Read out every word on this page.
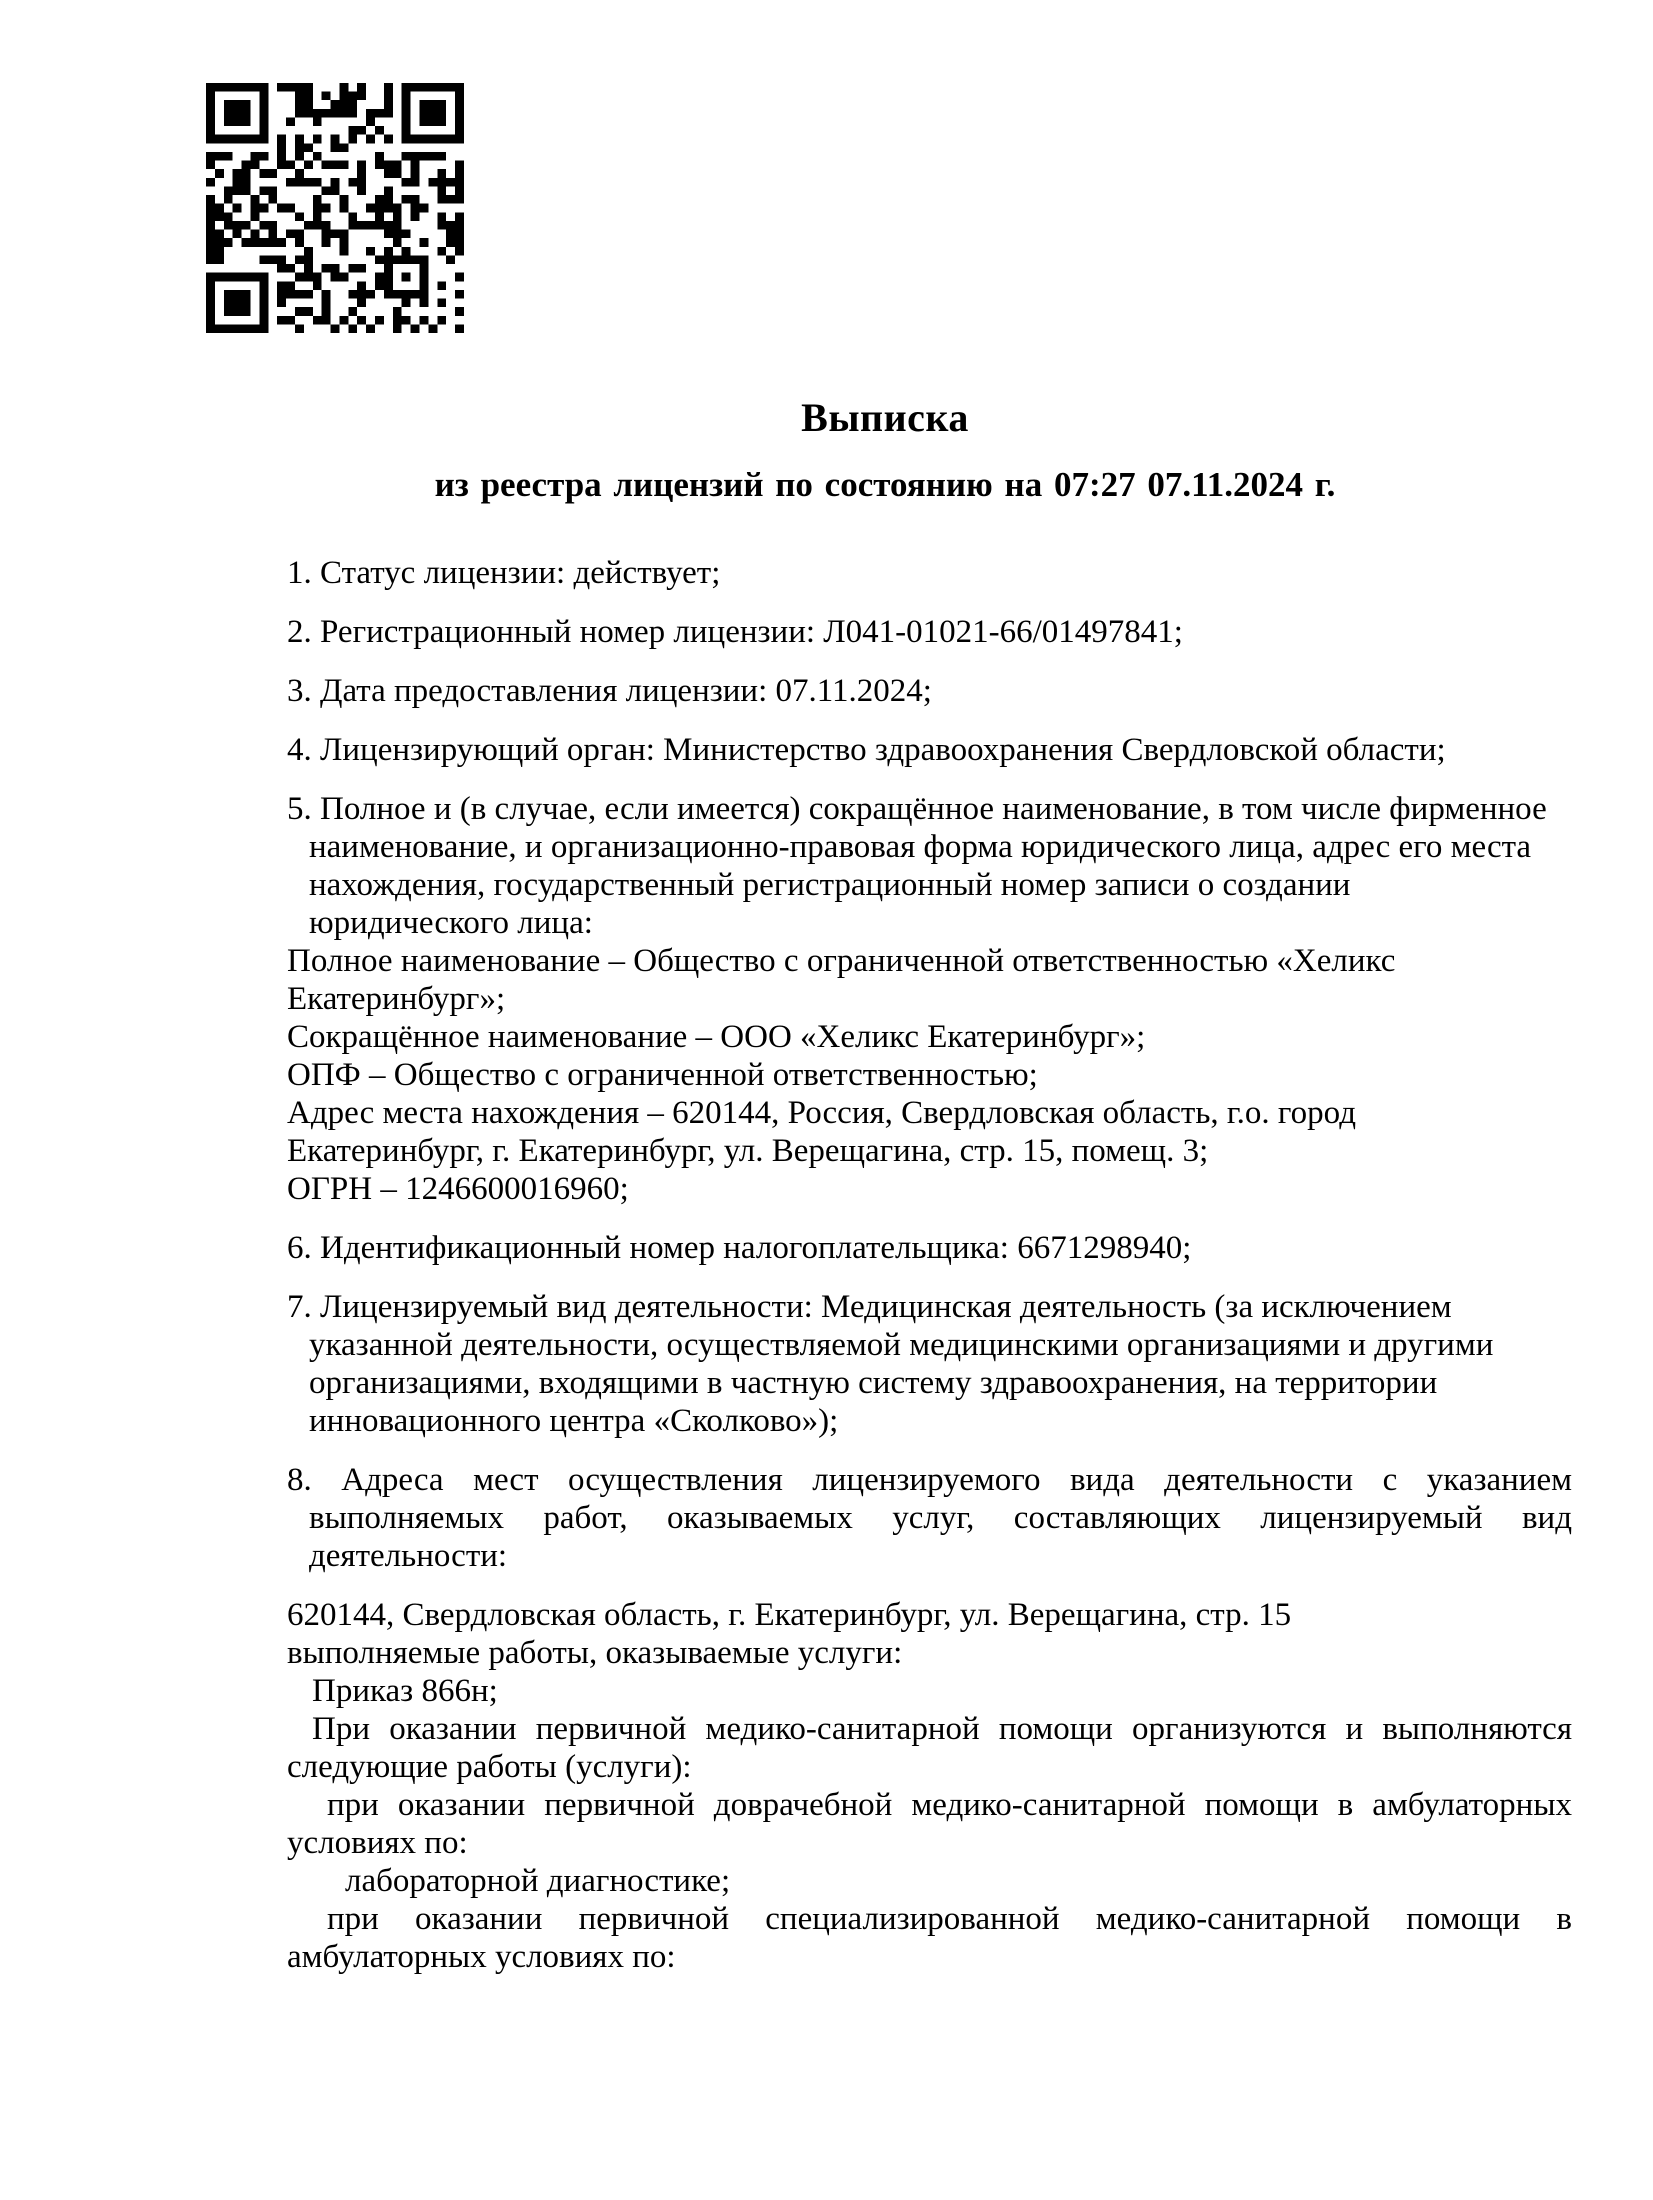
Выписка
из реестра лицензий по состоянию на 07:27 07.11.2024 г.
1. Статус лицензии: действует;
2. Регистрационный номер лицензии: Л041-01021-66/01497841;
3. Дата предоставления лицензии: 07.11.2024;
4. Лицензирующий орган: Министерство здравоохранения Свердловской области;
5. Полное и (в случае, если имеется) сокращённое наименование, в том числе фирменное
наименование, и организационно-правовая форма юридического лица, адрес его места
нахождения, государственный регистрационный номер записи о создании
юридического лица:
Полное наименование – Общество с ограниченной ответственностью «Хеликс
Екатеринбург»;
Сокращённое наименование – ООО «Хеликс Екатеринбург»;
ОПФ – Общество с ограниченной ответственностью;
Адрес места нахождения – 620144, Россия, Свердловская область, г.о. город
Екатеринбург, г. Екатеринбург, ул. Верещагина, стр. 15, помещ. 3;
ОГРН – 1246600016960;
6. Идентификационный номер налогоплательщика: 6671298940;
7. Лицензируемый вид деятельности: Медицинская деятельность (за исключением
указанной деятельности, осуществляемой медицинскими организациями и другими
организациями, входящими в частную систему здравоохранения, на территории
инновационного центра «Сколково»);
8. Адреса мест осуществления лицензируемого вида деятельности с указанием
выполняемых работ, оказываемых услуг, составляющих лицензируемый вид
деятельности:
620144, Свердловская область, г. Екатеринбург, ул. Верещагина, стр. 15
выполняемые работы, оказываемые услуги:
Приказ 866н;
При оказании первичной медико-санитарной помощи организуются и выполняются
следующие работы (услуги):
при оказании первичной доврачебной медико-санитарной помощи в амбулаторных
условиях по:
лабораторной диагностике;
при оказании первичной специализированной медико-санитарной помощи в
амбулаторных условиях по:
